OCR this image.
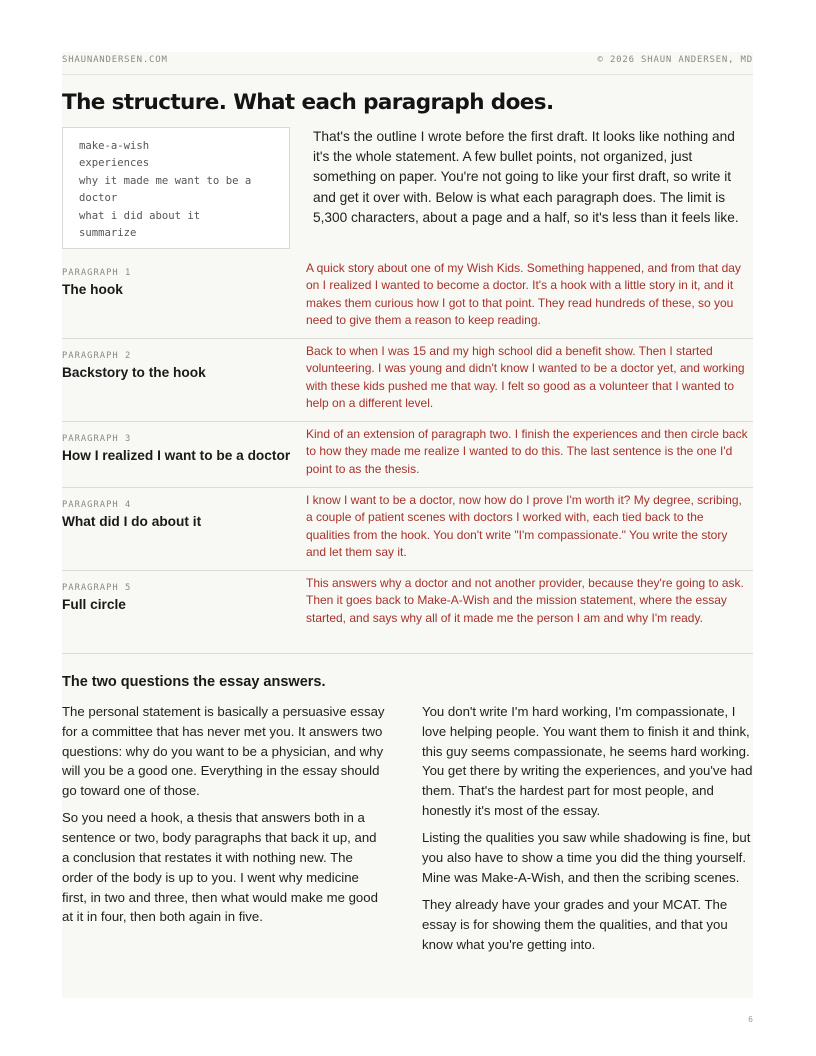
SHAUNANDERSEN.COM	© 2026 SHAUN ANDERSEN, MD
The structure. What each paragraph does.
make-a-wish
experiences
why it made me want to be a
doctor
what i did about it
summarize
That's the outline I wrote before the first draft. It looks like nothing and it's the whole statement. A few bullet points, not organized, just something on paper. You're not going to like your first draft, so write it and get it over with. Below is what each paragraph does. The limit is 5,300 characters, about a page and a half, so it's less than it feels like.
PARAGRAPH 1
The hook
A quick story about one of my Wish Kids. Something happened, and from that day on I realized I wanted to become a doctor. It's a hook with a little story in it, and it makes them curious how I got to that point. They read hundreds of these, so you need to give them a reason to keep reading.
PARAGRAPH 2
Backstory to the hook
Back to when I was 15 and my high school did a benefit show. Then I started volunteering. I was young and didn't know I wanted to be a doctor yet, and working with these kids pushed me that way. I felt so good as a volunteer that I wanted to help on a different level.
PARAGRAPH 3
How I realized I want to be a doctor
Kind of an extension of paragraph two. I finish the experiences and then circle back to how they made me realize I wanted to do this. The last sentence is the one I'd point to as the thesis.
PARAGRAPH 4
What did I do about it
I know I want to be a doctor, now how do I prove I'm worth it? My degree, scribing, a couple of patient scenes with doctors I worked with, each tied back to the qualities from the hook. You don't write "I'm compassionate." You write the story and let them say it.
PARAGRAPH 5
Full circle
This answers why a doctor and not another provider, because they're going to ask. Then it goes back to Make-A-Wish and the mission statement, where the essay started, and says why all of it made me the person I am and why I'm ready.
The two questions the essay answers.

The personal statement is basically a persuasive essay for a committee that has never met you. It answers two questions: why do you want to be a physician, and why will you be a good one. Everything in the essay should go toward one of those.

So you need a hook, a thesis that answers both in a sentence or two, body paragraphs that back it up, and a conclusion that restates it with nothing new. The order of the body is up to you. I went why medicine first, in two and three, then what would make me good at it in four, then both again in five.

You don't write I'm hard working, I'm compassionate, I love helping people. You want them to finish it and think, this guy seems compassionate, he seems hard working. You get there by writing the experiences, and you've had them. That's the hardest part for most people, and honestly it's most of the essay.

Listing the qualities you saw while shadowing is fine, but you also have to show a time you did the thing yourself. Mine was Make-A-Wish, and then the scribing scenes.

They already have your grades and your MCAT. The essay is for showing them the qualities, and that you know what you're getting into.

6
